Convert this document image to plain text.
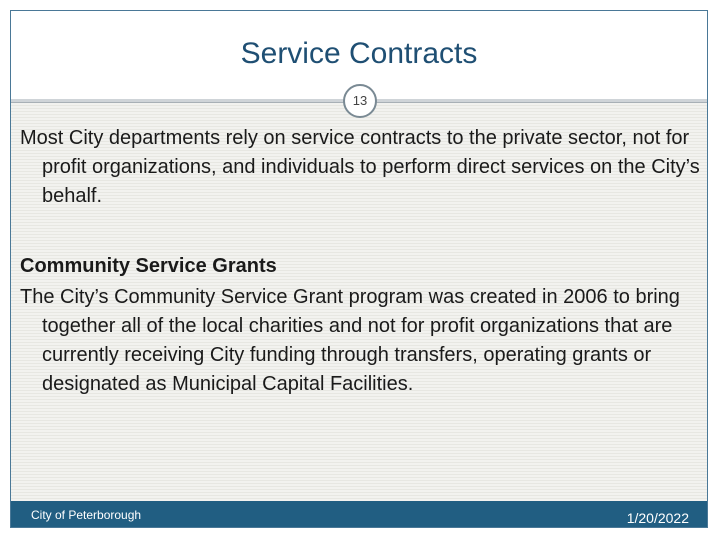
Service Contracts
13
City of Peterborough	1/20/2022
Most City departments rely on service contracts to the private sector, not for profit organizations, and individuals to perform direct services on the City’s behalf.
Community Service Grants
The City’s Community Service Grant program was created in 2006 to bring together all of the local charities and not for profit organizations that are currently receiving City funding through transfers, operating grants or designated as Municipal Capital Facilities.
